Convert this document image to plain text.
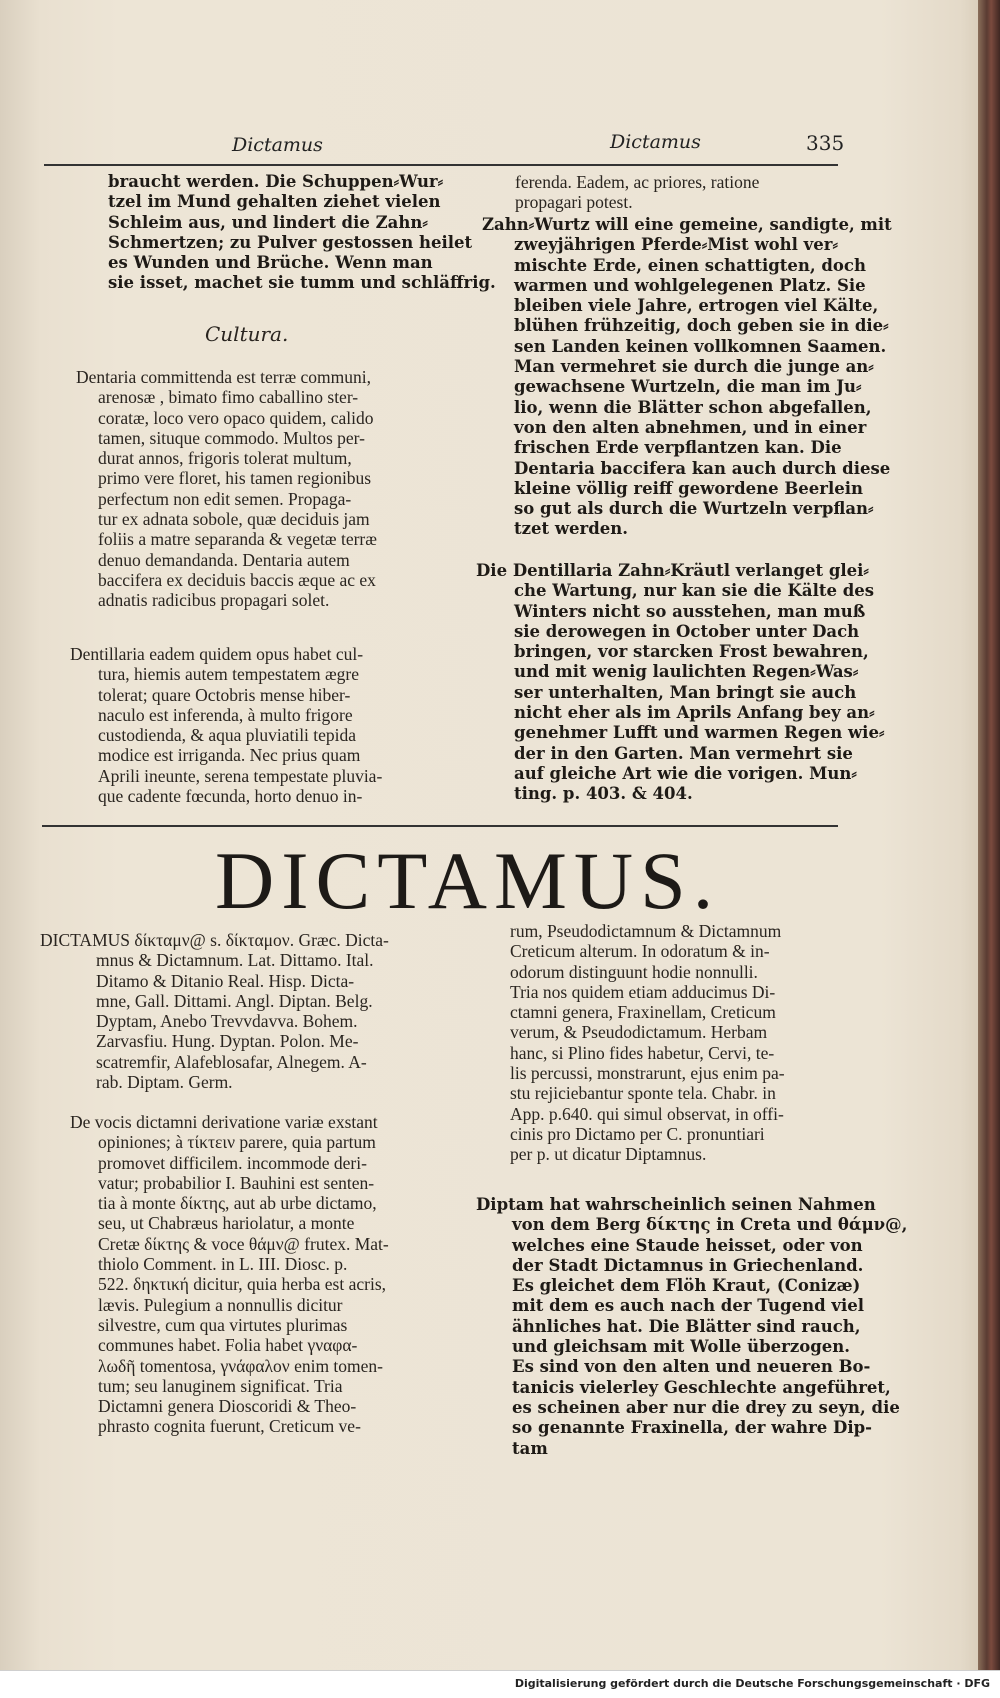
Dictamus	Dictamus	335
braucht werden. Die Schuppen⸗Wur⸗
tzel im Mund gehalten ziehet vielen
Schleim aus, und lindert die Zahn⸗
Schmertzen; zu Pulver gestossen heilet
es Wunden und Brüche. Wenn man
sie isset, machet sie tumm und schläffrig.
Cultura.
Dentaria committenda est terræ communi,
arenosæ , bimato fimo caballino ster-
coratæ, loco vero opaco quidem, calido
tamen, situque commodo. Multos per-
durat annos, frigoris tolerat multum,
primo vere floret, his tamen regionibus
perfectum non edit semen. Propaga-
tur ex adnata sobole, quæ deciduis jam
foliis a matre separanda & vegetæ terræ
denuo demandanda. Dentaria autem
baccifera ex deciduis baccis æque ac ex
adnatis radicibus propagari solet.
Dentillaria eadem quidem opus habet cul-
tura, hiemis autem tempestatem ægre
tolerat; quare Octobris mense hiber-
naculo est inferenda, à multo frigore
custodienda, & aqua pluviatili tepida
modice est irriganda. Nec prius quam
Aprili ineunte, serena tempestate pluvia-
que cadente fœcunda, horto denuo in-
ferenda. Eadem, ac priores, ratione
propagari potest.
Zahn⸗Wurtz will eine gemeine, sandigte, mit
zweyjährigen Pferde⸗Mist wohl ver⸗
mischte Erde, einen schattigten, doch
warmen und wohlgelegenen Platz. Sie
bleiben viele Jahre, ertrogen viel Kälte,
blühen frühzeitig, doch geben sie in die⸗
sen Landen keinen vollkomnen Saamen.
Man vermehret sie durch die junge an⸗
gewachsene Wurtzeln, die man im Ju⸗
lio, wenn die Blätter schon abgefallen,
von den alten abnehmen, und in einer
frischen Erde verpflantzen kan. Die
Dentaria baccifera kan auch durch diese
kleine völlig reiff gewordene Beerlein
so gut als durch die Wurtzeln verpflan⸗
tzet werden.
Die Dentillaria Zahn⸗Kräutl verlanget glei⸗
che Wartung, nur kan sie die Kälte des
Winters nicht so ausstehen, man muß
sie derowegen in October unter Dach
bringen, vor starcken Frost bewahren,
und mit wenig laulichten Regen⸗Was⸗
ser unterhalten, Man bringt sie auch
nicht eher als im Aprils Anfang bey an⸗
genehmer Lufft und warmen Regen wie⸗
der in den Garten. Man vermehrt sie
auf gleiche Art wie die vorigen. Mun⸗
ting. p. 403. & 404.
DICTAMUS.
DICTAMUS δίκταμν@ s. δίκταμον. Græc. Dicta-
mnus & Dictamnum. Lat. Dittamo. Ital.
Ditamo & Ditanio Real. Hisp. Dicta-
mne, Gall. Dittami. Angl. Diptan. Belg.
Dyptam, Anebo Trevvdavva. Bohem.
Zarvasfiu. Hung. Dyptan. Polon. Me-
scatremfir, Alafeblosafar, Alnegem. A-
rab. Diptam. Germ.
De vocis dictamni derivatione variæ exstant
opiniones; à τίκτειν parere, quia partum
promovet difficilem. incommode deri-
vatur; probabilior I. Bauhini est senten-
tia à monte δίκτης, aut ab urbe dictamo,
seu, ut Chabræus hariolatur, a monte
Cretæ δίκτης & voce θάμν@ frutex. Mat-
thiolo Comment. in L. III. Diosc. p.
522. δηκτική dicitur, quia herba est acris,
lævis. Pulegium a nonnullis dicitur
silvestre, cum qua virtutes plurimas
communes habet. Folia habet γναφα-
λωδῆ tomentosa, γνάφαλον enim tomen-
tum; seu lanuginem significat. Tria
Dictamni genera Dioscoridi & Theo-
phrasto cognita fuerunt, Creticum ve-
rum, Pseudodictamnum & Dictamnum
Creticum alterum. In odoratum & in-
odorum distinguunt hodie nonnulli.
Tria nos quidem etiam adducimus Di-
ctamni genera, Fraxinellam, Creticum
verum, & Pseudodictamum. Herbam
hanc, si Plino fides habetur, Cervi, te-
lis percussi, monstrarunt, ejus enim pa-
stu rejiciebantur sponte tela. Chabr. in
App. p.640. qui simul observat, in offi-
cinis pro Dictamo per C. pronuntiari
per p. ut dicatur Diptamnus.
Diptam hat wahrscheinlich seinen Nahmen
von dem Berg δίκτης in Creta und θάμν@,
welches eine Staude heisset, oder von
der Stadt Dictamnus in Griechenland.
Es gleichet dem Flöh Kraut, (Conizæ)
mit dem es auch nach der Tugend viel
ähnliches hat. Die Blätter sind rauch,
und gleichsam mit Wolle überzogen.
Es sind von den alten und neueren Bo-
tanicis vielerley Geschlechte angeführet,
es scheinen aber nur die drey zu seyn, die
so genannte Fraxinella, der wahre Dip-
tam
Digitalisierung gefördert durch die Deutsche Forschungsgemeinschaft · DFG
